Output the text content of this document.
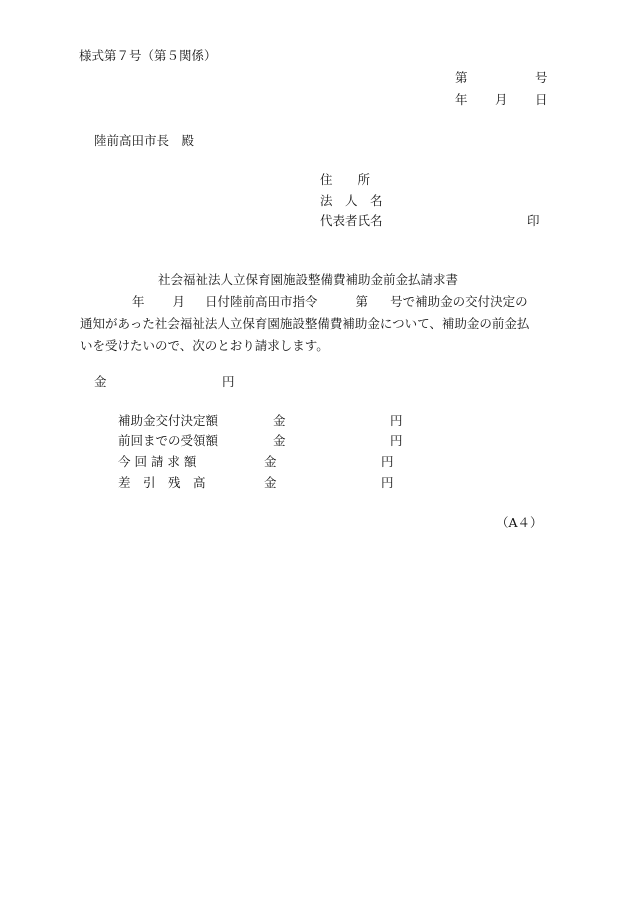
様式第７号（第５関係）
第	号
年 月 日
陸前高田市長　殿
住　　所
法　人　名
代表者氏名	印
社会福祉法人立保育園施設整備費補助金前金払請求書
年 月 日付陸前高田市指令	第 号で補助金の交付決定の
通知があった社会福祉法人立保育園施設整備費補助金について、補助金の前金払
いを受けたいので、次のとおり請求します。
金	円
補助金交付決定額	金	円
前回までの受領額	金	円
今 回 請 求 額	金	円
差　引　残　高	金	円
（A４）
